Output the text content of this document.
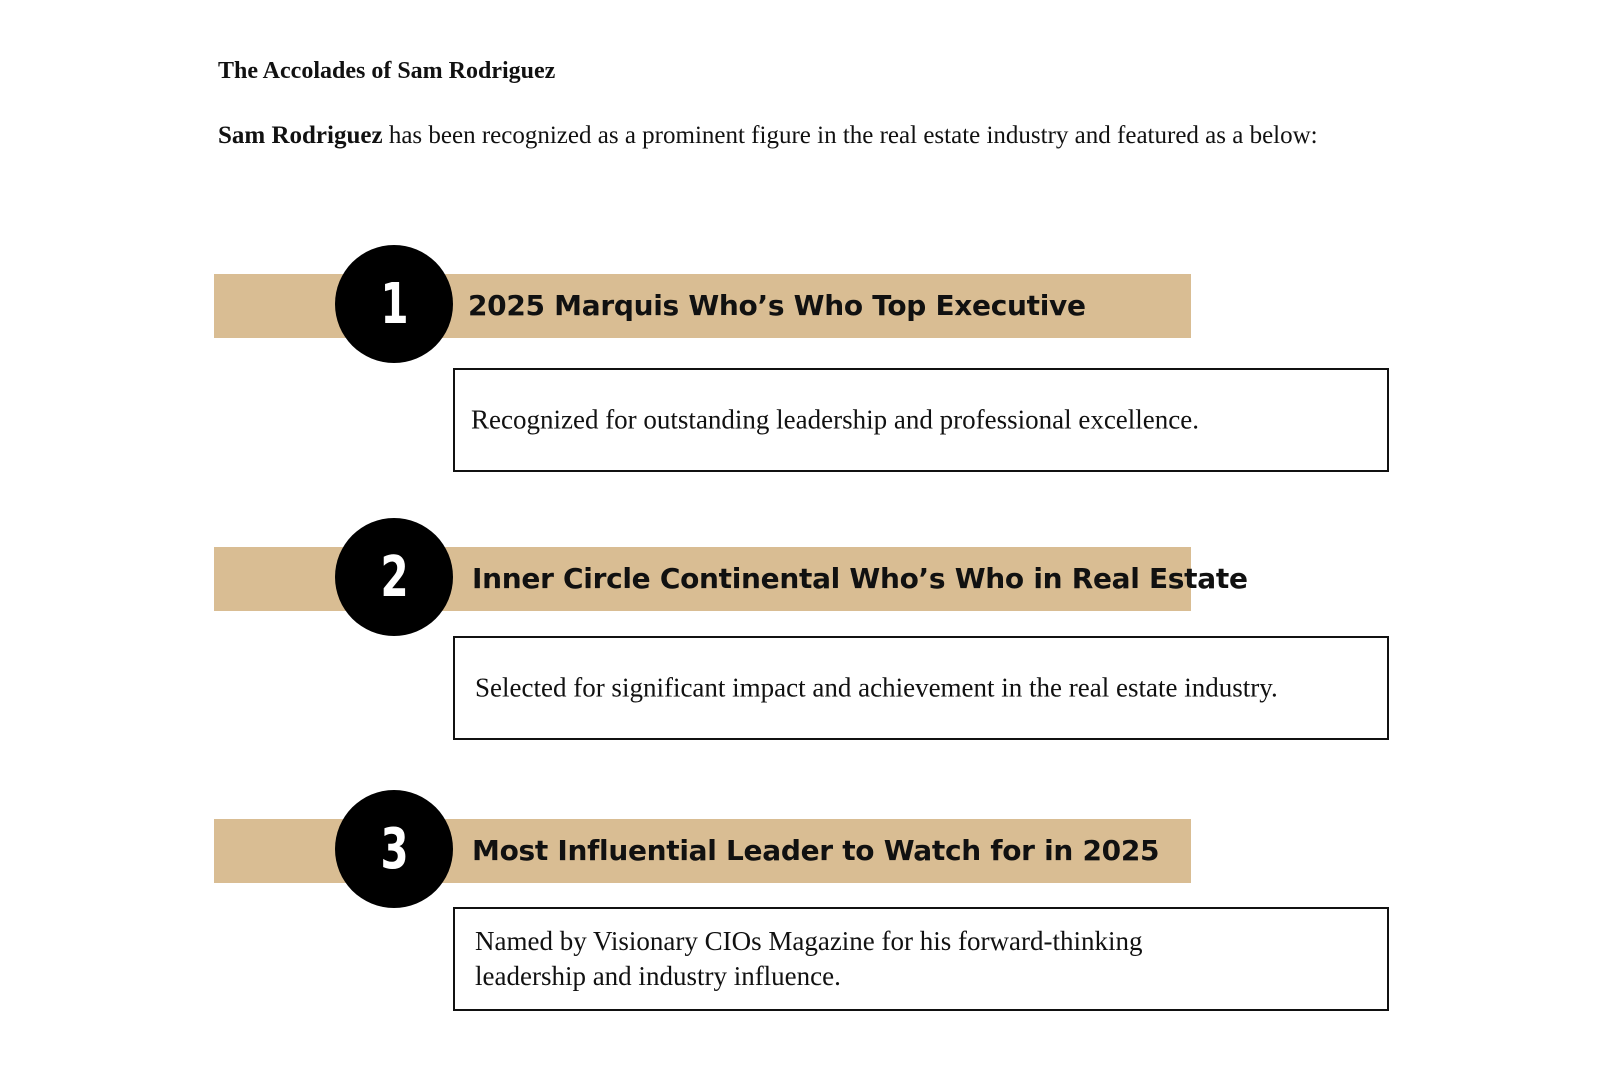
The Accolades of Sam Rodriguez
Sam Rodriguez has been recognized as a prominent figure in the real estate industry and featured as a below:
1 2025 Marquis Who’s Who Top Executive
Recognized for outstanding leadership and professional excellence.
2 Inner Circle Continental Who’s Who in Real Estate
Selected for significant impact and achievement in the real estate industry.
3 Most Influential Leader to Watch for in 2025
Named by Visionary CIOs Magazine for his forward-thinking leadership and industry influence.
